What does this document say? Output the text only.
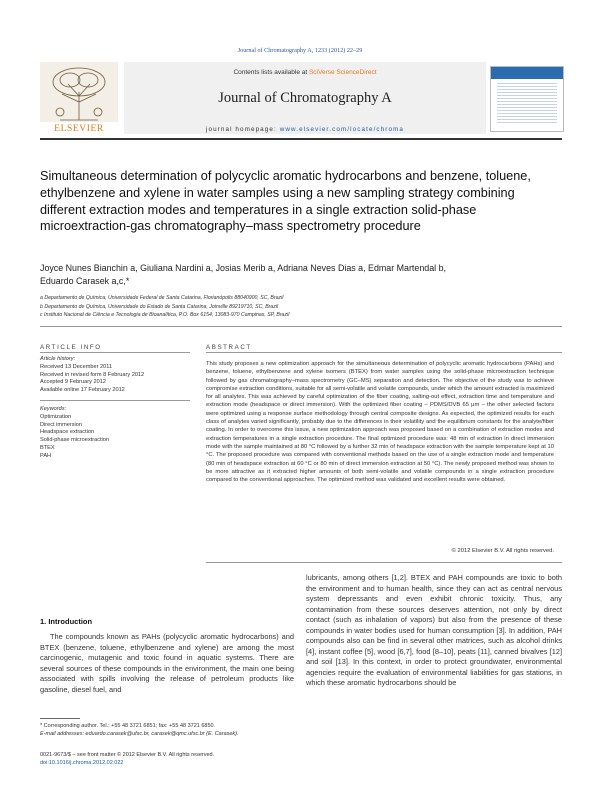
Journal of Chromatography A, 1233 (2012) 22–29
Contents lists available at SciVerse ScienceDirect
Journal of Chromatography A
journal homepage: www.elsevier.com/locate/chroma
ELSEVIER
Simultaneous determination of polycyclic aromatic hydrocarbons and benzene, toluene, ethylbenzene and xylene in water samples using a new sampling strategy combining different extraction modes and temperatures in a single extraction solid-phase microextraction-gas chromatography–mass spectrometry procedure
Joyce Nunes Bianchin a, Giuliana Nardini a, Josias Merib a, Adriana Neves Dias a, Edmar Martendal b,
Eduardo Carasek a,c,*
a Departamento de Química, Universidade Federal de Santa Catarina, Florianópolis 88040900, SC, Brazil
b Departamento de Química, Universidade do Estado de Santa Catarina, Joinville 89219710, SC, Brazil
c Instituto Nacional de Ciência e Tecnologia de Bioanalítica, P.O. Box 6154, 13083-970 Campinas, SP, Brazil
ARTICLE INFO
Article history:
Received 13 December 2011
Received in revised form 8 February 2012
Accepted 9 February 2012
Available online 17 February 2012
Keywords:
Optimization
Direct immersion
Headspace extraction
Solid-phase microextraction
BTEX
PAH
ABSTRACT
This study proposes a new optimization approach for the simultaneous determination of polycyclic aromatic hydrocarbons (PAHs) and benzene, toluene, ethylbenzene and xylene isomers (BTEX) from water samples using the solid-phase microextraction technique followed by gas chromatography–mass spectrometry (GC–MS) separation and detection. The objective of the study was to achieve compromise extraction conditions, suitable for all semi-volatile and volatile compounds, under which the amount extracted is maximized for all analytes. This was achieved by careful optimization of the fiber coating, salting-out effect, extraction time and temperature and extraction mode (headspace or direct immersion). With the optimized fiber coating – PDMS/DVB 65 μm – the other selected factors were optimized using a response surface methodology through central composite designs. As expected, the optimized results for each class of analytes varied significantly, probably due to the differences in their volatility and the equilibrium constants for the analyte/fiber coating. In order to overcome this issue, a new optimization approach was proposed based on a combination of extraction modes and extraction temperatures in a single extraction procedure. The final optimized procedure was: 48 min of extraction in direct immersion mode with the sample maintained at 80 °C followed by a further 32 min of headspace extraction with the sample temperature kept at 10 °C. The proposed procedure was compared with conventional methods based on the use of a single extraction mode and temperature (80 min of headspace extraction at 60 °C or 80 min of direct immersion extraction at 50 °C). The newly proposed method was shown to be more attractive as it extracted higher amounts of both semi-volatile and volatile compounds in a single extraction procedure compared to the conventional approaches. The optimized method was validated and excellent results were obtained.
© 2012 Elsevier B.V. All rights reserved.
1. Introduction
The compounds known as PAHs (polycyclic aromatic hydrocarbons) and BTEX (benzene, toluene, ethylbenzene and xylene) are among the most carcinogenic, mutagenic and toxic found in aquatic systems. There are several sources of these compounds in the environment, the main one being associated with spills involving the release of petroleum products like gasoline, diesel fuel, and
lubricants, among others [1,2]. BTEX and PAH compounds are toxic to both the environment and to human health, since they can act as central nervous system depressants and even exhibit chronic toxicity. Thus, any contamination from these sources deserves attention, not only by direct contact (such as inhalation of vapors) but also from the presence of these compounds in water bodies used for human consumption [3]. In addition, PAH compounds also can be find in several other matrices, such as alcohol drinks [4], instant coffee [5], wood [6,7], food [8–10], peats [11], canned bivalves [12] and soil [13]. In this context, in order to protect groundwater, environmental agencies require the evaluation of environmental liabilities for gas stations, in which these aromatic hydrocarbons should be
* Corresponding author. Tel.: +55 48 3721 6851; fax: +55 48 3721 6850.
E-mail addresses: eduardo.carasek@ufsc.br, carasek@qmc.ufsc.br (E. Carasek).
0021-9673/$ – see front matter © 2012 Elsevier B.V. All rights reserved.
doi:10.1016/j.chroma.2012.02.022
